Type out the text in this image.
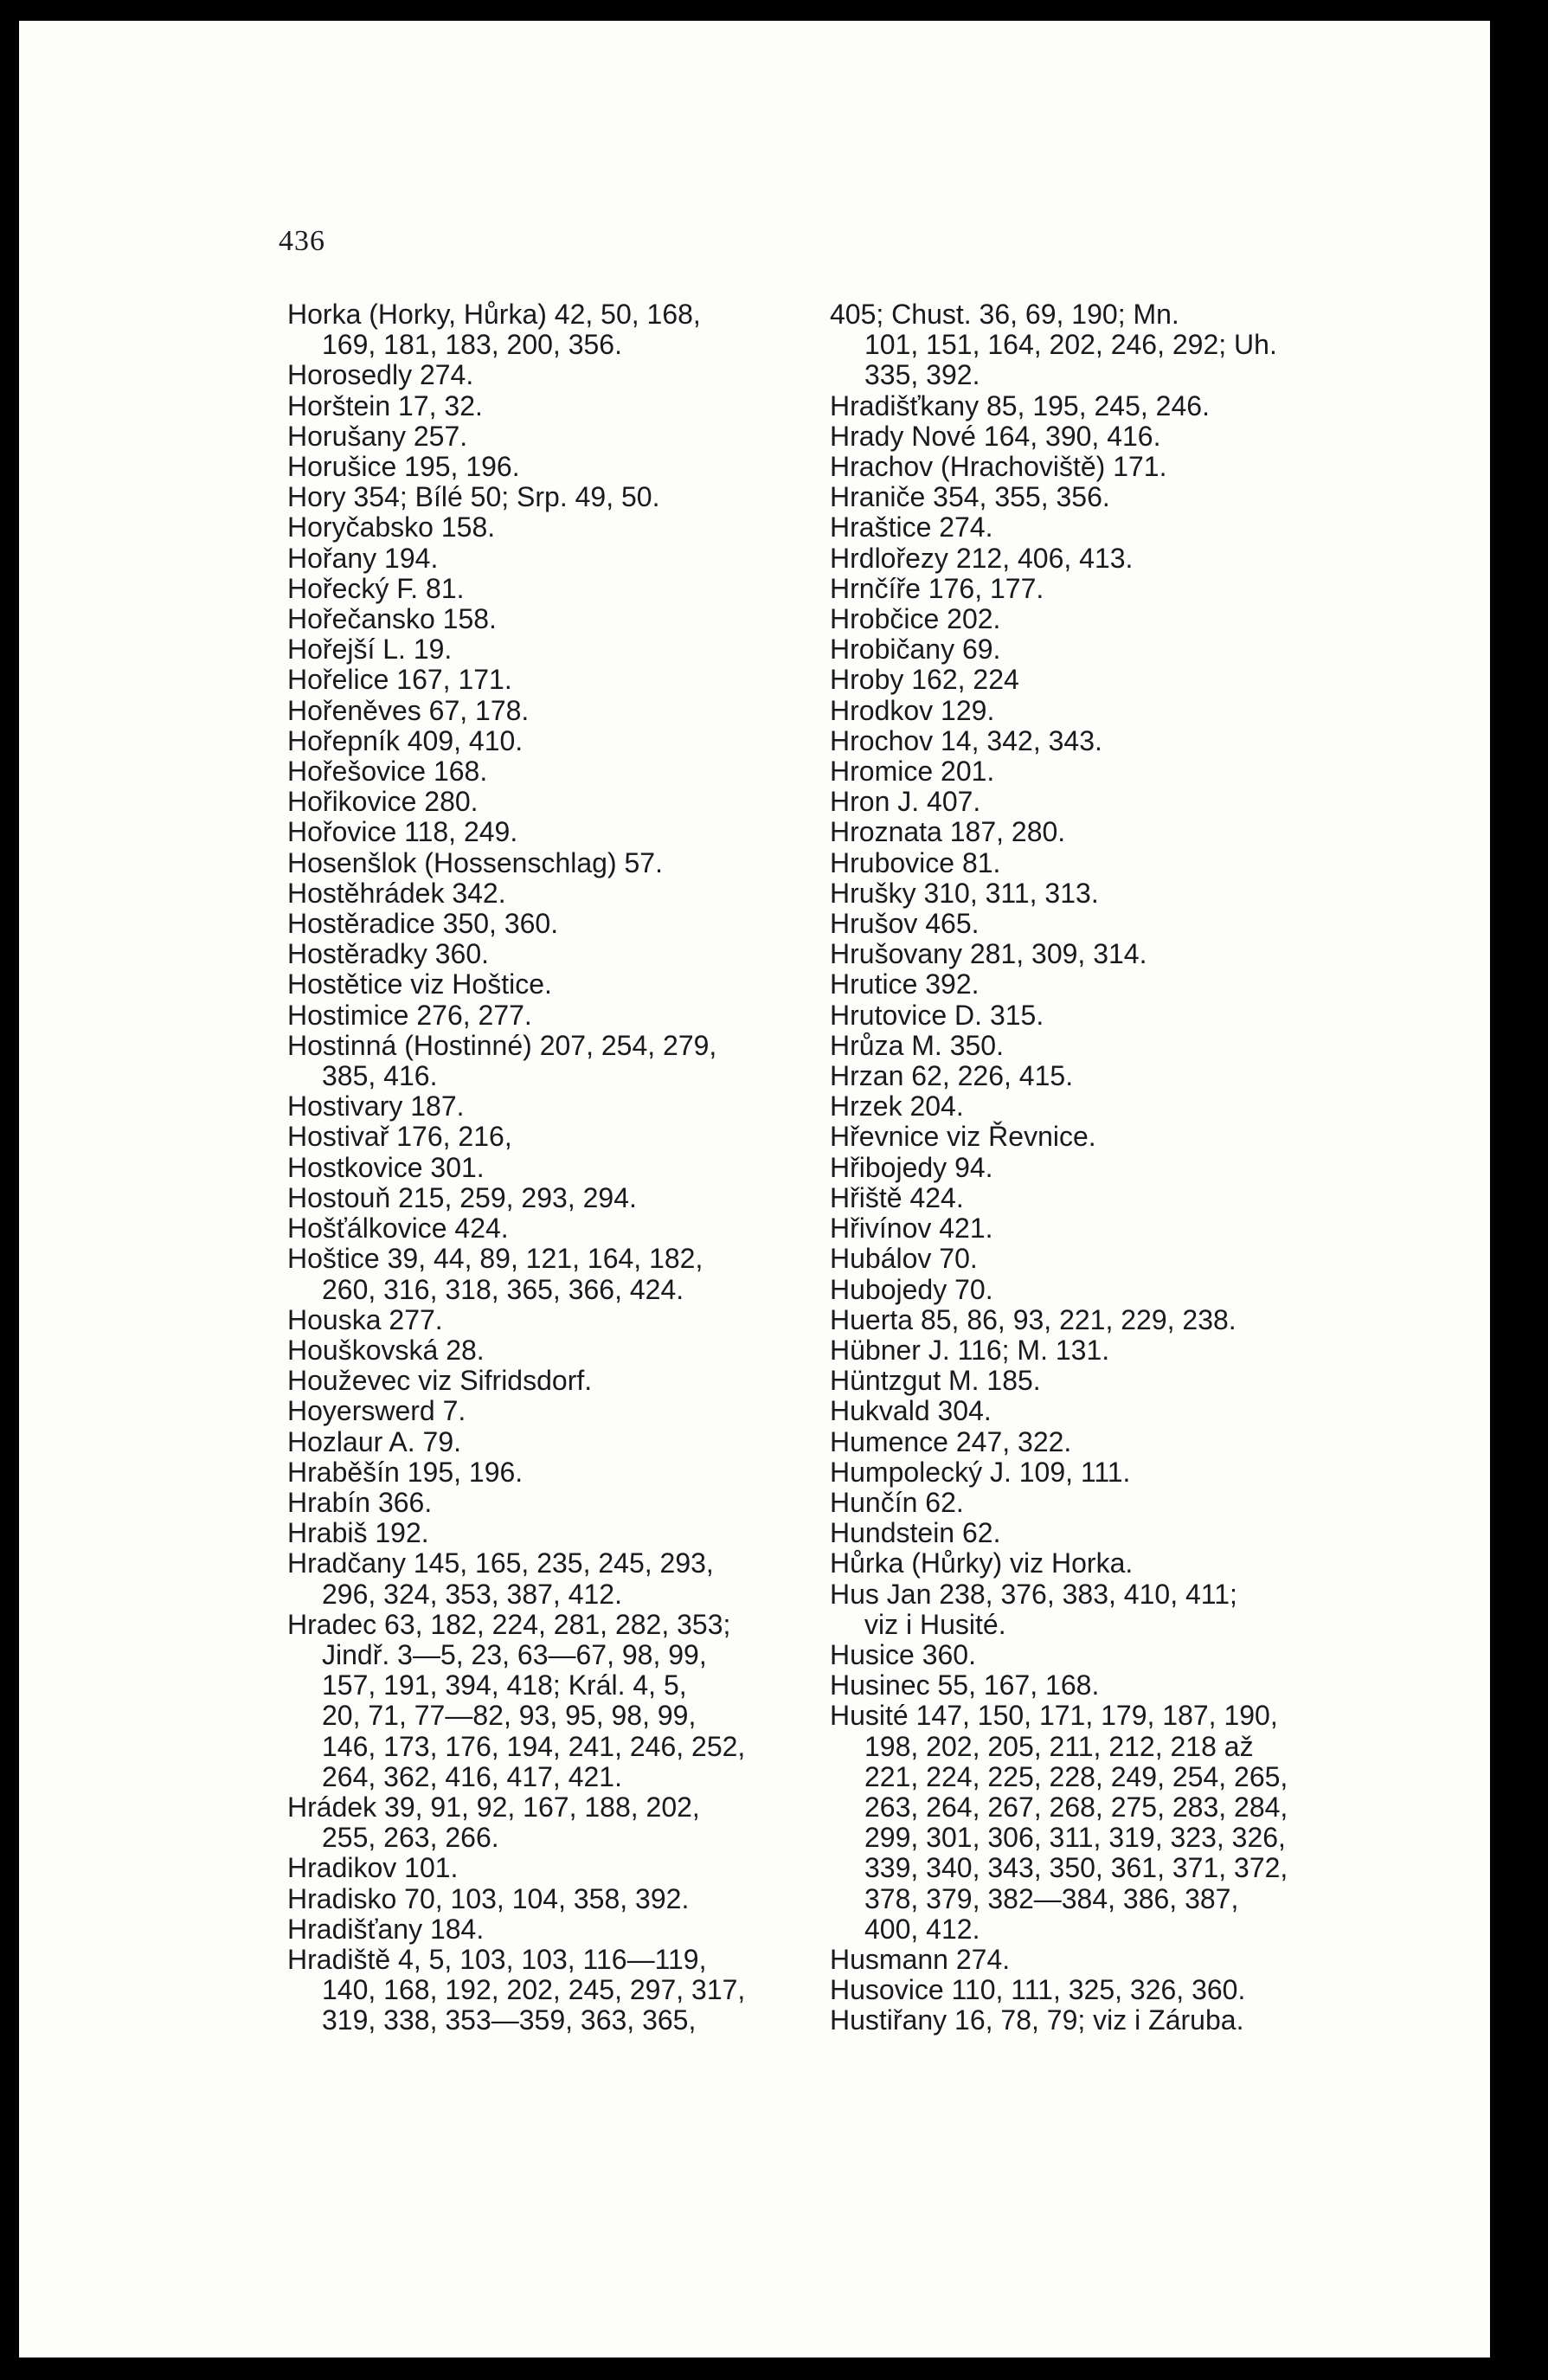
436
Horka (Horky, Hůrka) 42, 50, 168,
169, 181, 183, 200, 356.
Horosedly 274.
Horštein 17, 32.
Horušany 257.
Horušice 195, 196.
Hory 354; Bílé 50; Srp. 49, 50.
Horyčabsko 158.
Hořany 194.
Hořecký F. 81.
Hořečansko 158.
Hořejší L. 19.
Hořelice 167, 171.
Hořeněves 67, 178.
Hořepník 409, 410.
Hořešovice 168.
Hořikovice 280.
Hořovice 118, 249.
Hosenšlok (Hossenschlag) 57.
Hostěhrádek 342.
Hostěradice 350, 360.
Hostěradky 360.
Hostětice viz Hoštice.
Hostimice 276, 277.
Hostinná (Hostinné) 207, 254, 279,
385, 416.
Hostivary 187.
Hostivař 176, 216,
Hostkovice 301.
Hostouň 215, 259, 293, 294.
Hošťálkovice 424.
Hoštice 39, 44, 89, 121, 164, 182,
260, 316, 318, 365, 366, 424.
Houska 277.
Houškovská 28.
Houževec viz Sifridsdorf.
Hoyerswerd 7.
Hozlaur A. 79.
Hraběšín 195, 196.
Hrabín 366.
Hrabiš 192.
Hradčany 145, 165, 235, 245, 293,
296, 324, 353, 387, 412.
Hradec 63, 182, 224, 281, 282, 353;
Jindř. 3—5, 23, 63—67, 98, 99,
157, 191, 394, 418; Král. 4, 5,
20, 71, 77—82, 93, 95, 98, 99,
146, 173, 176, 194, 241, 246, 252,
264, 362, 416, 417, 421.
Hrádek 39, 91, 92, 167, 188, 202,
255, 263, 266.
Hradikov 101.
Hradisko 70, 103, 104, 358, 392.
Hradišťany 184.
Hradiště 4, 5, 103, 103, 116—119,
140, 168, 192, 202, 245, 297, 317,
319, 338, 353—359, 363, 365,
405; Chust. 36, 69, 190; Mn.
101, 151, 164, 202, 246, 292; Uh.
335, 392.
Hradišťkany 85, 195, 245, 246.
Hrady Nové 164, 390, 416.
Hrachov (Hrachoviště) 171.
Hraniče 354, 355, 356.
Hraštice 274.
Hrdlořezy 212, 406, 413.
Hrnčíře 176, 177.
Hrobčice 202.
Hrobičany 69.
Hroby 162, 224
Hrodkov 129.
Hrochov 14, 342, 343.
Hromice 201.
Hron J. 407.
Hroznata 187, 280.
Hrubovice 81.
Hrušky 310, 311, 313.
Hrušov 465.
Hrušovany 281, 309, 314.
Hrutice 392.
Hrutovice D. 315.
Hrůza M. 350.
Hrzan 62, 226, 415.
Hrzek 204.
Hřevnice viz Řevnice.
Hřibojedy 94.
Hřiště 424.
Hřivínov 421.
Hubálov 70.
Hubojedy 70.
Huerta 85, 86, 93, 221, 229, 238.
Hübner J. 116; M. 131.
Hüntzgut M. 185.
Hukvald 304.
Humence 247, 322.
Humpolecký J. 109, 111.
Hunčín 62.
Hundstein 62.
Hůrka (Hůrky) viz Horka.
Hus Jan 238, 376, 383, 410, 411;
viz i Husité.
Husice 360.
Husinec 55, 167, 168.
Husité 147, 150, 171, 179, 187, 190,
198, 202, 205, 211, 212, 218 až
221, 224, 225, 228, 249, 254, 265,
263, 264, 267, 268, 275, 283, 284,
299, 301, 306, 311, 319, 323, 326,
339, 340, 343, 350, 361, 371, 372,
378, 379, 382—384, 386, 387,
400, 412.
Husmann 274.
Husovice 110, 111, 325, 326, 360.
Hustiřany 16, 78, 79; viz i Záruba.
